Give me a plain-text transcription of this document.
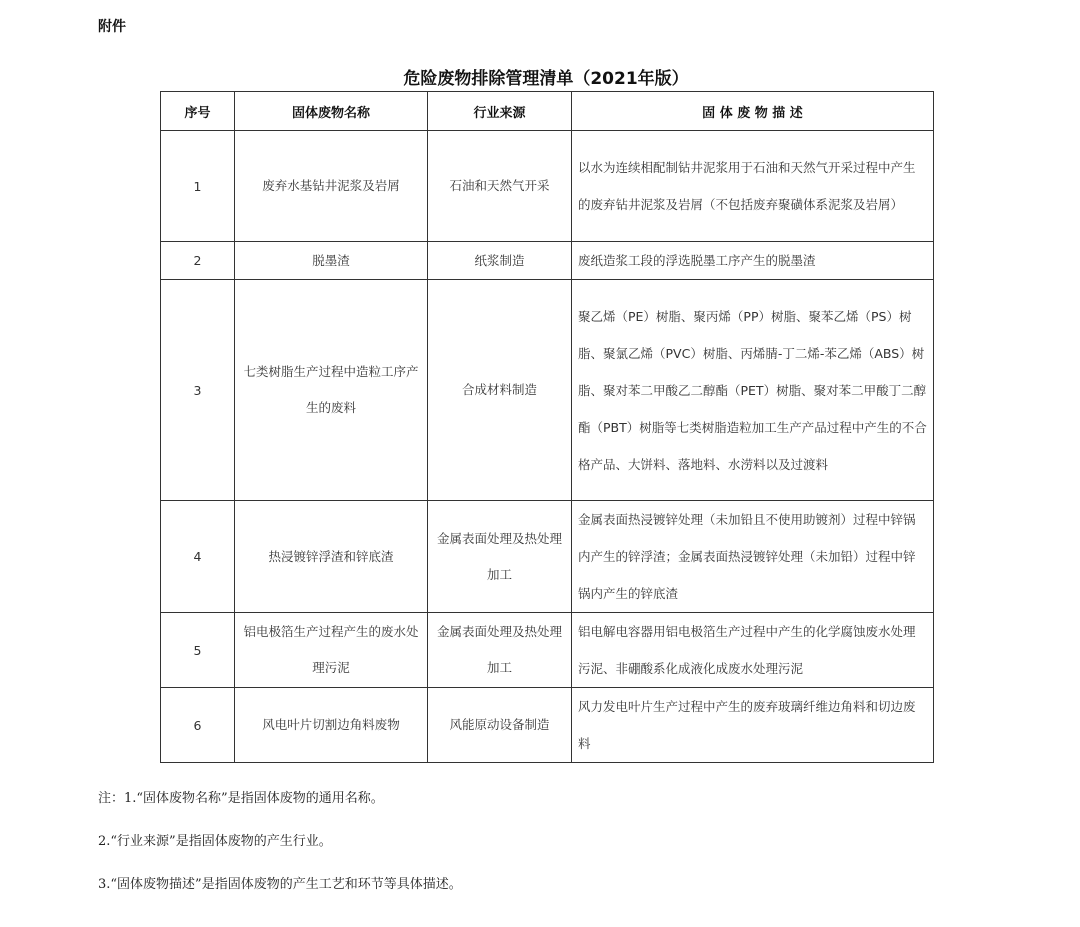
附件
危险废物排除管理清单（2021年版）
序号	固体废物名称	行业来源	固 体 废 物 描 述
1	废弃水基钻井泥浆及岩屑	石油和天然气开采	以水为连续相配制钻井泥浆用于石油和天然气开采过程中产生的废弃钻井泥浆及岩屑（不包括废弃聚磺体系泥浆及岩屑）
2	脱墨渣	纸浆制造	废纸造浆工段的浮选脱墨工序产生的脱墨渣
3	七类树脂生产过程中造粒工序产生的废料	合成材料制造	聚乙烯（PE）树脂、聚丙烯（PP）树脂、聚苯乙烯（PS）树脂、聚氯乙烯（PVC）树脂、丙烯腈-丁二烯-苯乙烯（ABS）树脂、聚对苯二甲酸乙二醇酯（PET）树脂、聚对苯二甲酸丁二醇酯（PBT）树脂等七类树脂造粒加工生产产品过程中产生的不合格产品、大饼料、落地料、水涝料以及过渡料
4	热浸镀锌浮渣和锌底渣	金属表面处理及热处理加工	金属表面热浸镀锌处理（未加铅且不使用助镀剂）过程中锌锅内产生的锌浮渣；金属表面热浸镀锌处理（未加铅）过程中锌锅内产生的锌底渣
5	铝电极箔生产过程产生的废水处理污泥	金属表面处理及热处理加工	铝电解电容器用铝电极箔生产过程中产生的化学腐蚀废水处理污泥、非硼酸系化成液化成废水处理污泥
6	风电叶片切割边角料废物	风能原动设备制造	风力发电叶片生产过程中产生的废弃玻璃纤维边角料和切边废料
注：1.“固体废物名称”是指固体废物的通用名称。
2.“行业来源”是指固体废物的产生行业。
3.“固体废物描述”是指固体废物的产生工艺和环节等具体描述。
